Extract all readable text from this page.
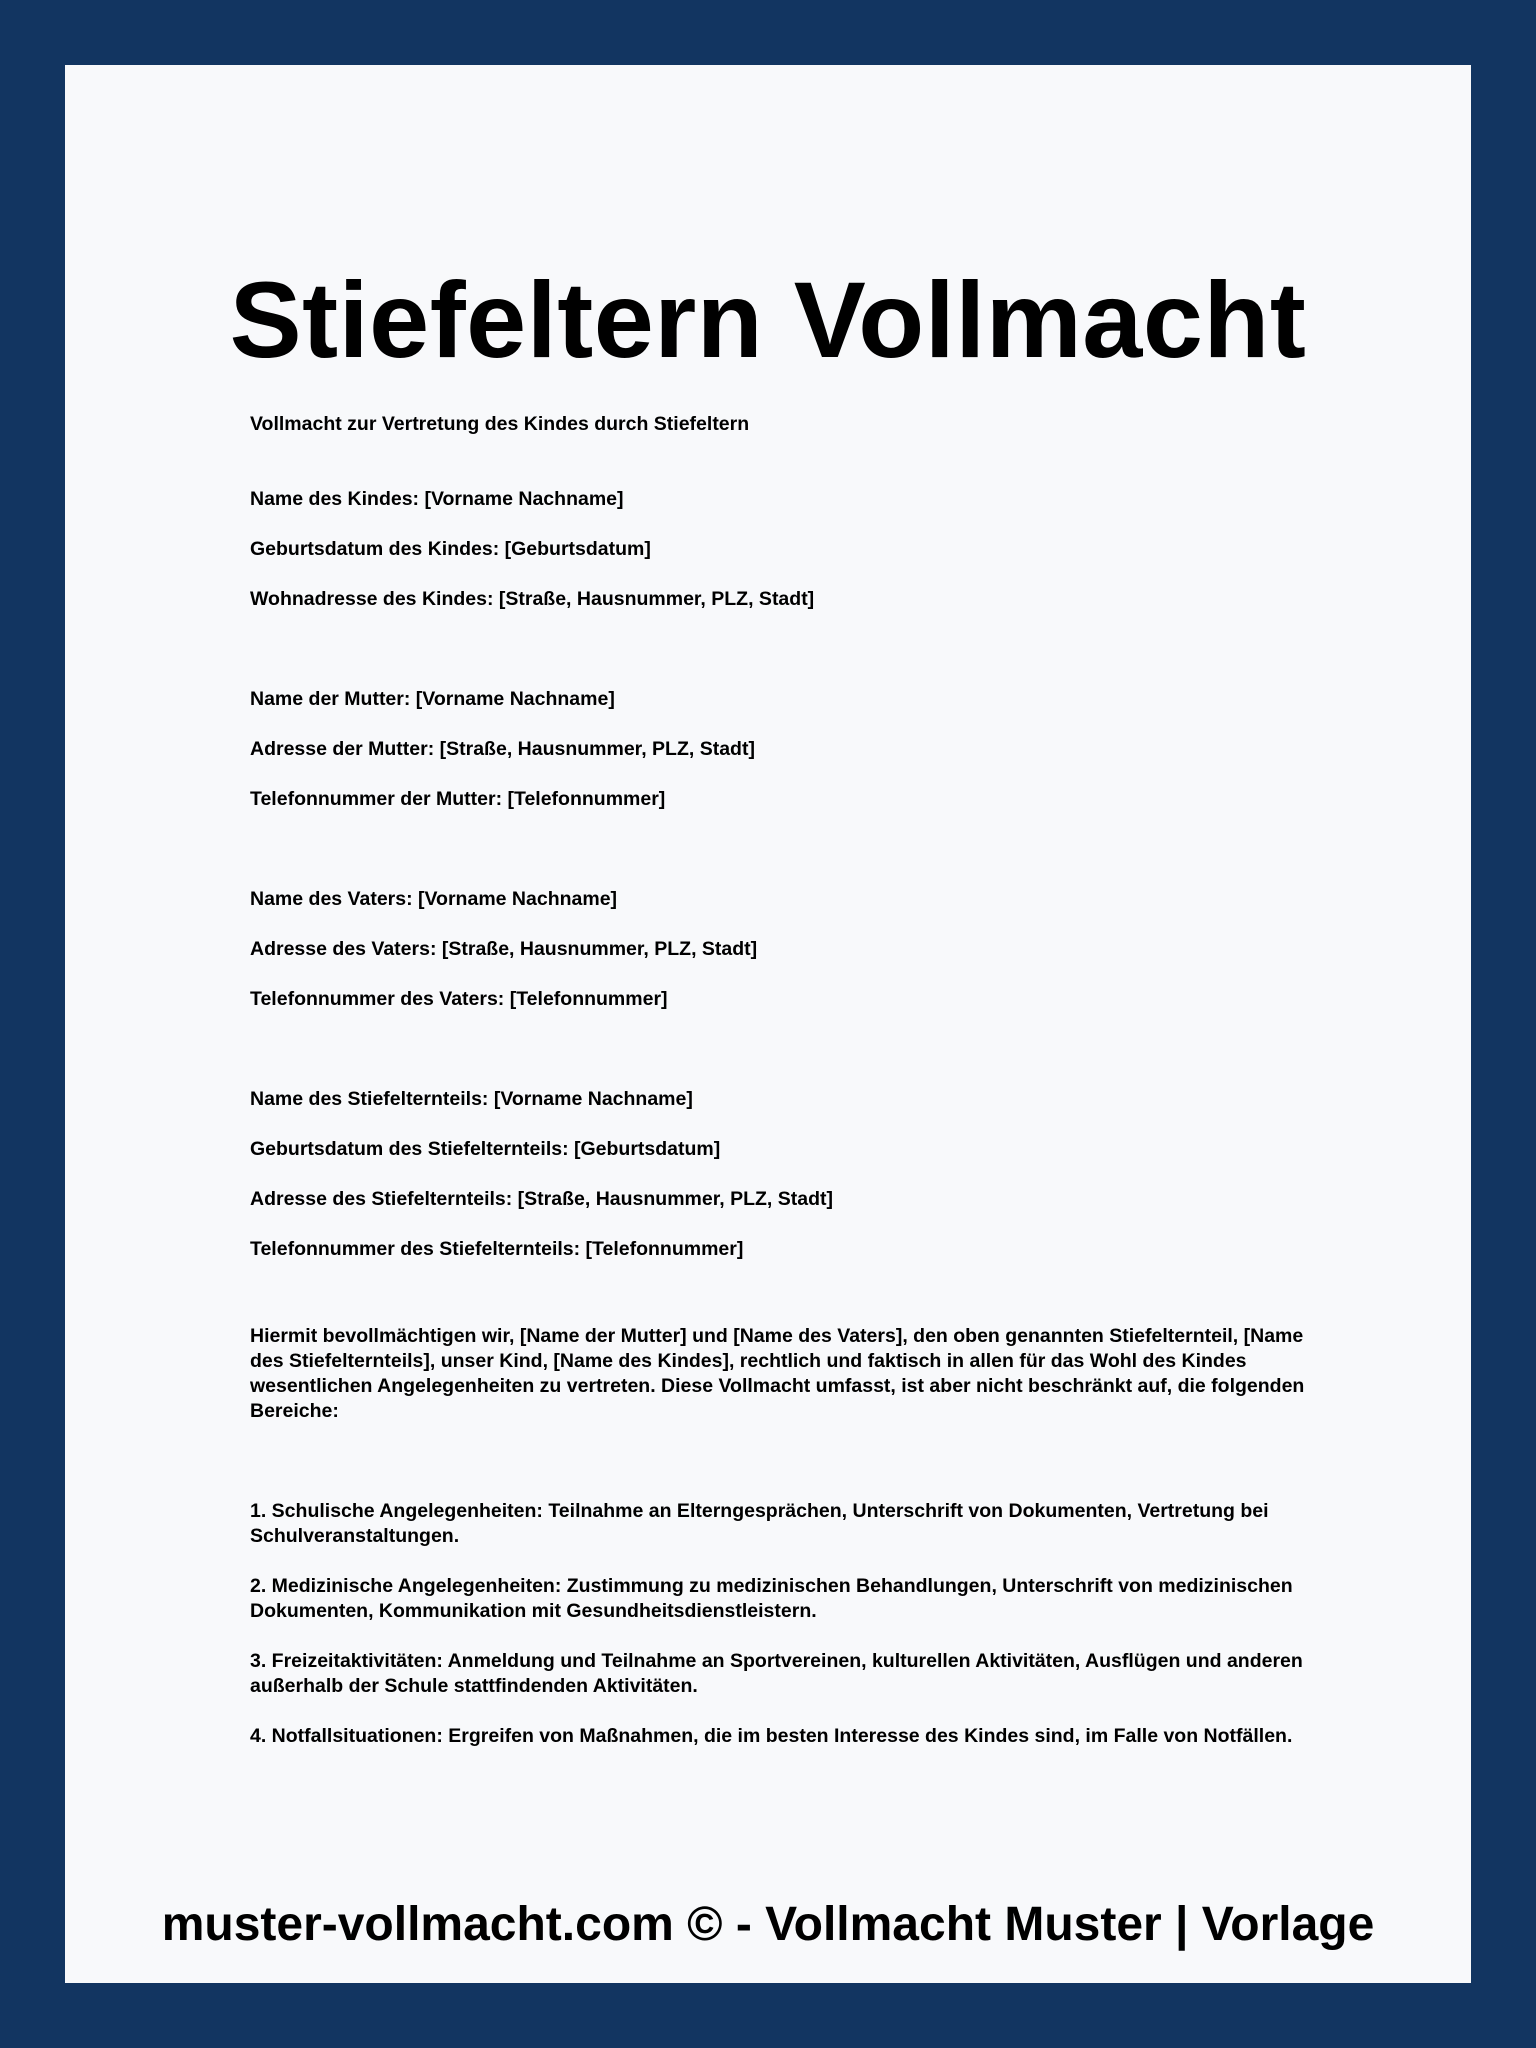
Stiefeltern Vollmacht

Vollmacht zur Vertretung des Kindes durch Stiefeltern

Name des Kindes: [Vorname Nachname]

Geburtsdatum des Kindes: [Geburtsdatum]

Wohnadresse des Kindes: [Straße, Hausnummer, PLZ, Stadt]

Name der Mutter: [Vorname Nachname]

Adresse der Mutter: [Straße, Hausnummer, PLZ, Stadt]

Telefonnummer der Mutter: [Telefonnummer]

Name des Vaters: [Vorname Nachname]

Adresse des Vaters: [Straße, Hausnummer, PLZ, Stadt]

Telefonnummer des Vaters: [Telefonnummer]

Name des Stiefelternteils: [Vorname Nachname]

Geburtsdatum des Stiefelternteils: [Geburtsdatum]

Adresse des Stiefelternteils: [Straße, Hausnummer, PLZ, Stadt]

Telefonnummer des Stiefelternteils: [Telefonnummer]

Hiermit bevollmächtigen wir, [Name der Mutter] und [Name des Vaters], den oben genannten Stiefelternteil, [Name des Stiefelternteils], unser Kind, [Name des Kindes], rechtlich und faktisch in allen für das Wohl des Kindes wesentlichen Angelegenheiten zu vertreten. Diese Vollmacht umfasst, ist aber nicht beschränkt auf, die folgenden Bereiche:

1. Schulische Angelegenheiten: Teilnahme an Elterngesprächen, Unterschrift von Dokumenten, Vertretung bei Schulveranstaltungen.

2. Medizinische Angelegenheiten: Zustimmung zu medizinischen Behandlungen, Unterschrift von medizinischen Dokumenten, Kommunikation mit Gesundheitsdienstleistern.

3. Freizeitaktivitäten: Anmeldung und Teilnahme an Sportvereinen, kulturellen Aktivitäten, Ausflügen und anderen außerhalb der Schule stattfindenden Aktivitäten.

4. Notfallsituationen: Ergreifen von Maßnahmen, die im besten Interesse des Kindes sind, im Falle von Notfällen.

muster-vollmacht.com © - Vollmacht Muster | Vorlage
